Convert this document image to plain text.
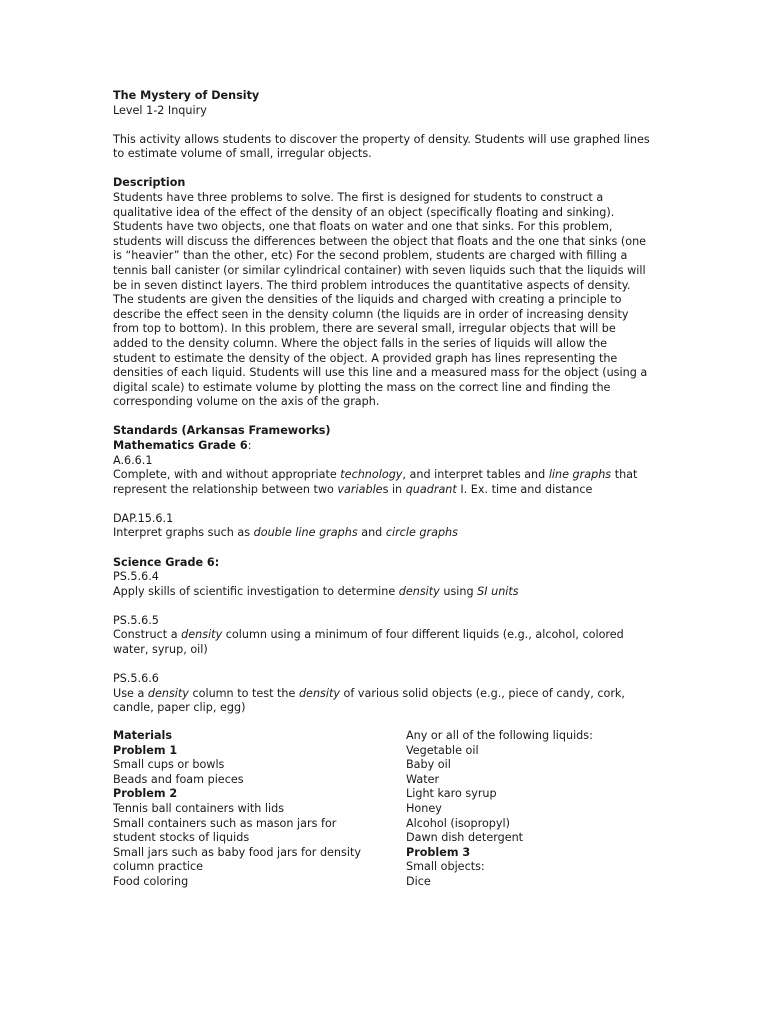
The Mystery of Density
Level 1-2 Inquiry
This activity allows students to discover the property of density. Students will use graphed lines to estimate volume of small, irregular objects.
Description
Students have three problems to solve. The first is designed for students to construct a
qualitative idea of the effect of the density of an object (specifically floating and sinking).
Students have two objects, one that floats on water and one that sinks. For this problem,
students will discuss the differences between the object that floats and the one that sinks (one
is “heavier” than the other, etc) For the second problem, students are charged with filling a
tennis ball canister (or similar cylindrical container) with seven liquids such that the liquids will
be in seven distinct layers. The third problem introduces the quantitative aspects of density.
The students are given the densities of the liquids and charged with creating a principle to
describe the effect seen in the density column (the liquids are in order of increasing density
from top to bottom). In this problem, there are several small, irregular objects that will be
added to the density column. Where the object falls in the series of liquids will allow the
student to estimate the density of the object. A provided graph has lines representing the
densities of each liquid. Students will use this line and a measured mass for the object (using a
digital scale) to estimate volume by plotting the mass on the correct line and finding the
corresponding volume on the axis of the graph.
Standards (Arkansas Frameworks)
Mathematics Grade 6:
A.6.6.1
Complete, with and without appropriate technology, and interpret tables and line graphs that
represent the relationship between two variables in quadrant I. Ex. time and distance
DAP.15.6.1
Interpret graphs such as double line graphs and circle graphs
Science Grade 6:
PS.5.6.4
Apply skills of scientific investigation to determine density using SI units
PS.5.6.5
Construct a density column using a minimum of four different liquids (e.g., alcohol, colored
water, syrup, oil)
PS.5.6.6
Use a density column to test the density of various solid objects (e.g., piece of candy, cork,
candle, paper clip, egg)
Materials
Problem 1
Small cups or bowls
Beads and foam pieces
Problem 2
Tennis ball containers with lids
Small containers such as mason jars for
student stocks of liquids
Small jars such as baby food jars for density
column practice
Food coloring
Any or all of the following liquids:
Vegetable oil
Baby oil
Water
Light karo syrup
Honey
Alcohol (isopropyl)
Dawn dish detergent
Problem 3
Small objects:
Dice
